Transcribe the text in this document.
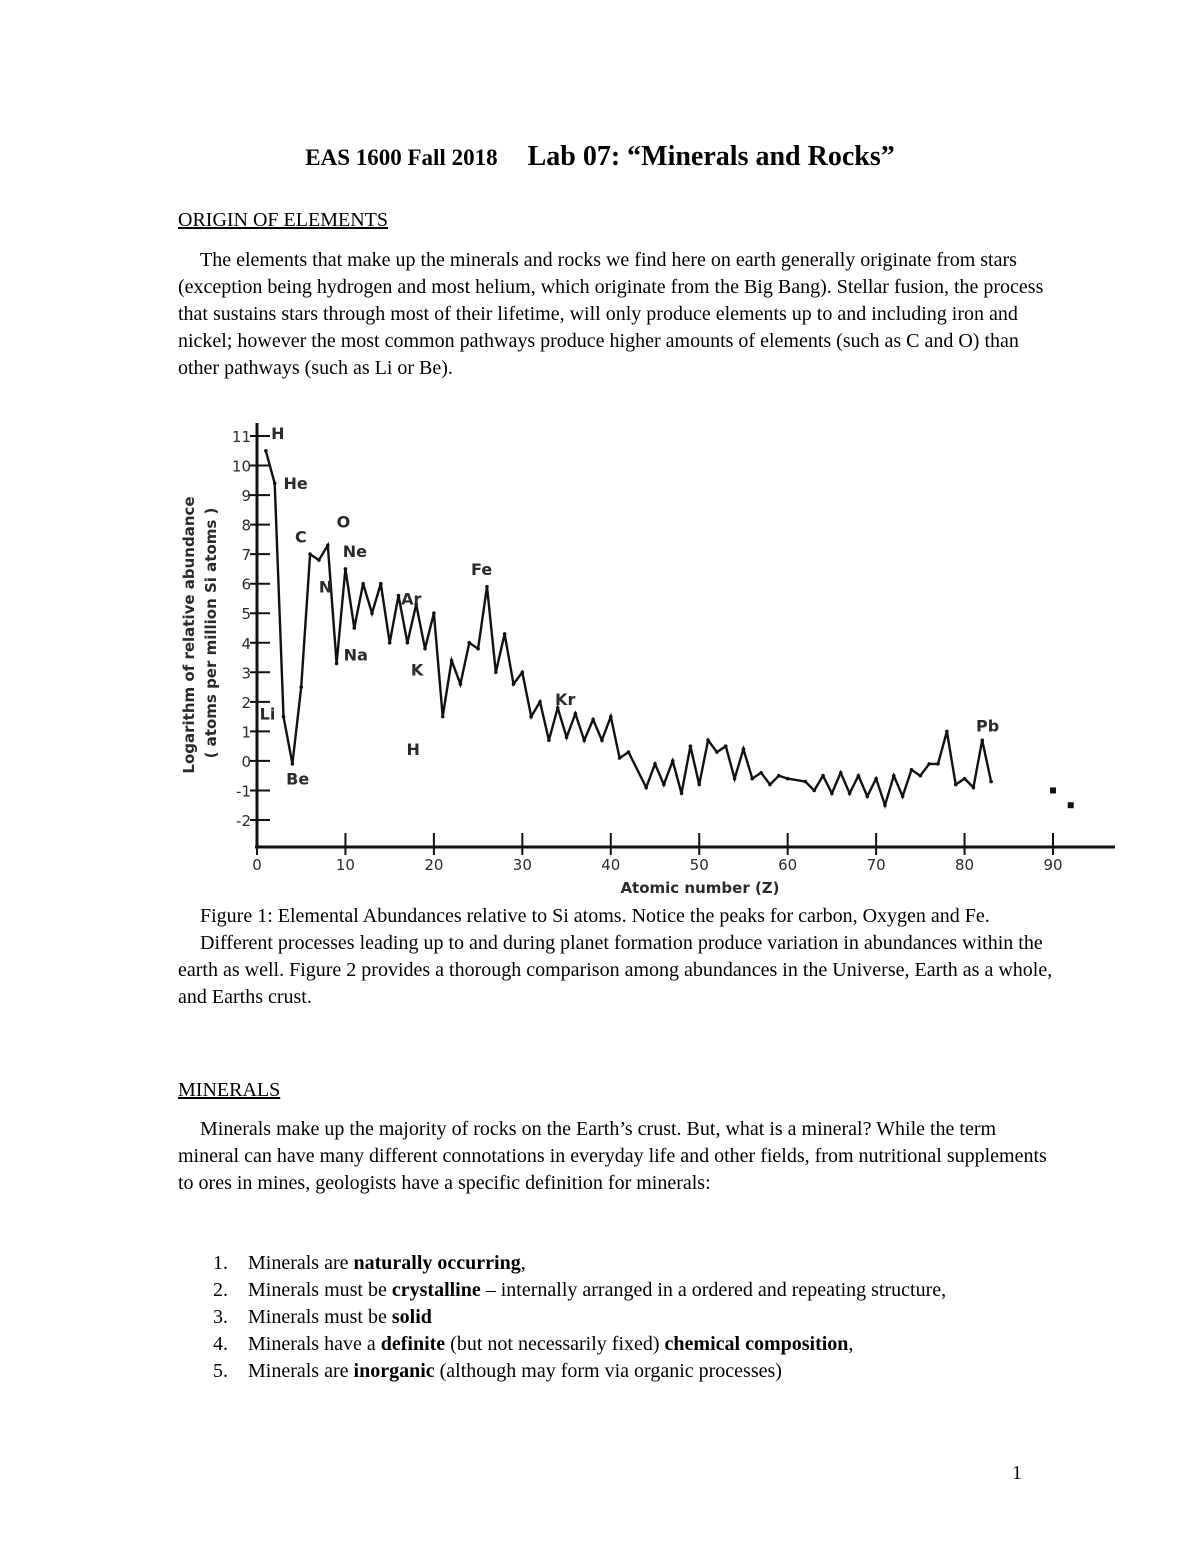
EAS 1600 Fall 2018 Lab 07: “Minerals and Rocks”
ORIGIN OF ELEMENTS

The elements that make up the minerals and rocks we find here on earth generally originate from stars (exception being hydrogen and most helium, which originate from the Big Bang). Stellar fusion, the process that sustains stars through most of their lifetime, will only produce elements up to and including iron and nickel; however the most common pathways produce higher amounts of elements (such as C and O) than other pathways (such as Li or Be).

-2
-1
0
1
2
3
4
5
6
7
8
9
10
11
0	10	20	30	40	50	60	70	80	90
Atomic number (Z)
Logarithm of relative abundance ( atoms per million Si atoms )
H
He
Li
Be
C
N
O
Ne
Na
Ar
K
Fe
H
Kr
Pb

Figure 1: Elemental Abundances relative to Si atoms. Notice the peaks for carbon, Oxygen and Fe.

Different processes leading up to and during planet formation produce variation in abundances within the earth as well. Figure 2 provides a thorough comparison among abundances in the Universe, Earth as a whole, and Earths crust.

MINERALS

Minerals make up the majority of rocks on the Earth’s crust. But, what is a mineral? While the term mineral can have many different connotations in everyday life and other fields, from nutritional supplements to ores in mines, geologists have a specific definition for minerals:

1. Minerals are naturally occurring,
2. Minerals must be crystalline – internally arranged in a ordered and repeating structure,
3. Minerals must be solid
4. Minerals have a definite (but not necessarily fixed) chemical composition,
5. Minerals are inorganic (although may form via organic processes)
1
